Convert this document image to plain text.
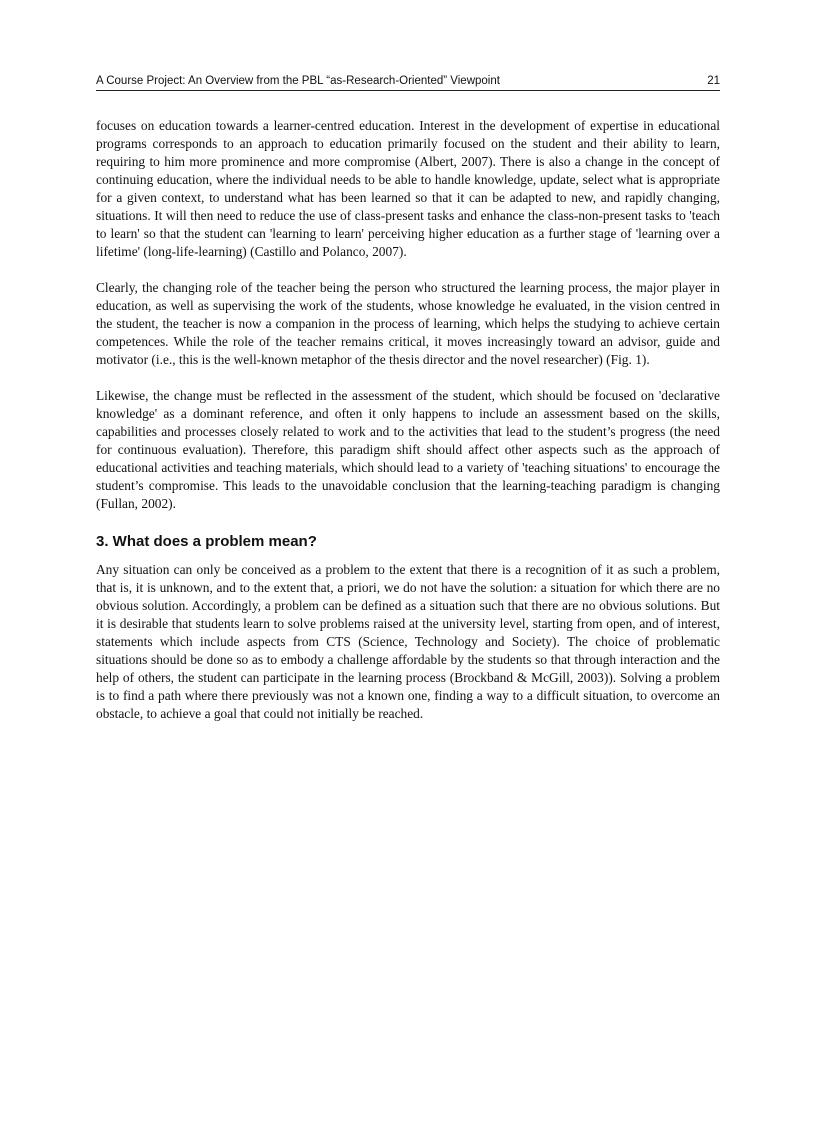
A Course Project: An Overview from the PBL “as-Research-Oriented” Viewpoint	21

focuses on education towards a learner-centred education. Interest in the development of expertise in educational programs corresponds to an approach to education primarily focused on the student and their ability to learn, requiring to him more prominence and more compromise (Albert, 2007). There is also a change in the concept of continuing education, where the individual needs to be able to handle knowledge, update, select what is appropriate for a given context, to understand what has been learned so that it can be adapted to new, and rapidly changing, situations. It will then need to reduce the use of class-present tasks and enhance the class-non-present tasks to 'teach to learn' so that the student can 'learning to learn' perceiving higher education as a further stage of 'learning over a lifetime' (long-life-learning) (Castillo and Polanco, 2007).

Clearly, the changing role of the teacher being the person who structured the learning process, the major player in education, as well as supervising the work of the students, whose knowledge he evaluated, in the vision centred in the student, the teacher is now a companion in the process of learning, which helps the studying to achieve certain competences. While the role of the teacher remains critical, it moves increasingly toward an advisor, guide and motivator (i.e., this is the well-known metaphor of the thesis director and the novel researcher) (Fig. 1).

Likewise, the change must be reflected in the assessment of the student, which should be focused on 'declarative knowledge' as a dominant reference, and often it only happens to include an assessment based on the skills, capabilities and processes closely related to work and to the activities that lead to the student’s progress (the need for continuous evaluation). Therefore, this paradigm shift should affect other aspects such as the approach of educational activities and teaching materials, which should lead to a variety of 'teaching situations' to encourage the student’s compromise. This leads to the unavoidable conclusion that the learning-teaching paradigm is changing (Fullan, 2002).

3. What does a problem mean?

Any situation can only be conceived as a problem to the extent that there is a recognition of it as such a problem, that is, it is unknown, and to the extent that, a priori, we do not have the solution: a situation for which there are no obvious solution. Accordingly, a problem can be defined as a situation such that there are no obvious solutions. But it is desirable that students learn to solve problems raised at the university level, starting from open, and of interest, statements which include aspects from CTS (Science, Technology and Society). The choice of problematic situations should be done so as to embody a challenge affordable by the students so that through interaction and the help of others, the student can participate in the learning process (Brockband & McGill, 2003)). Solving a problem is to find a path where there previously was not a known one, finding a way to a difficult situation, to overcome an obstacle, to achieve a goal that could not initially be reached.
